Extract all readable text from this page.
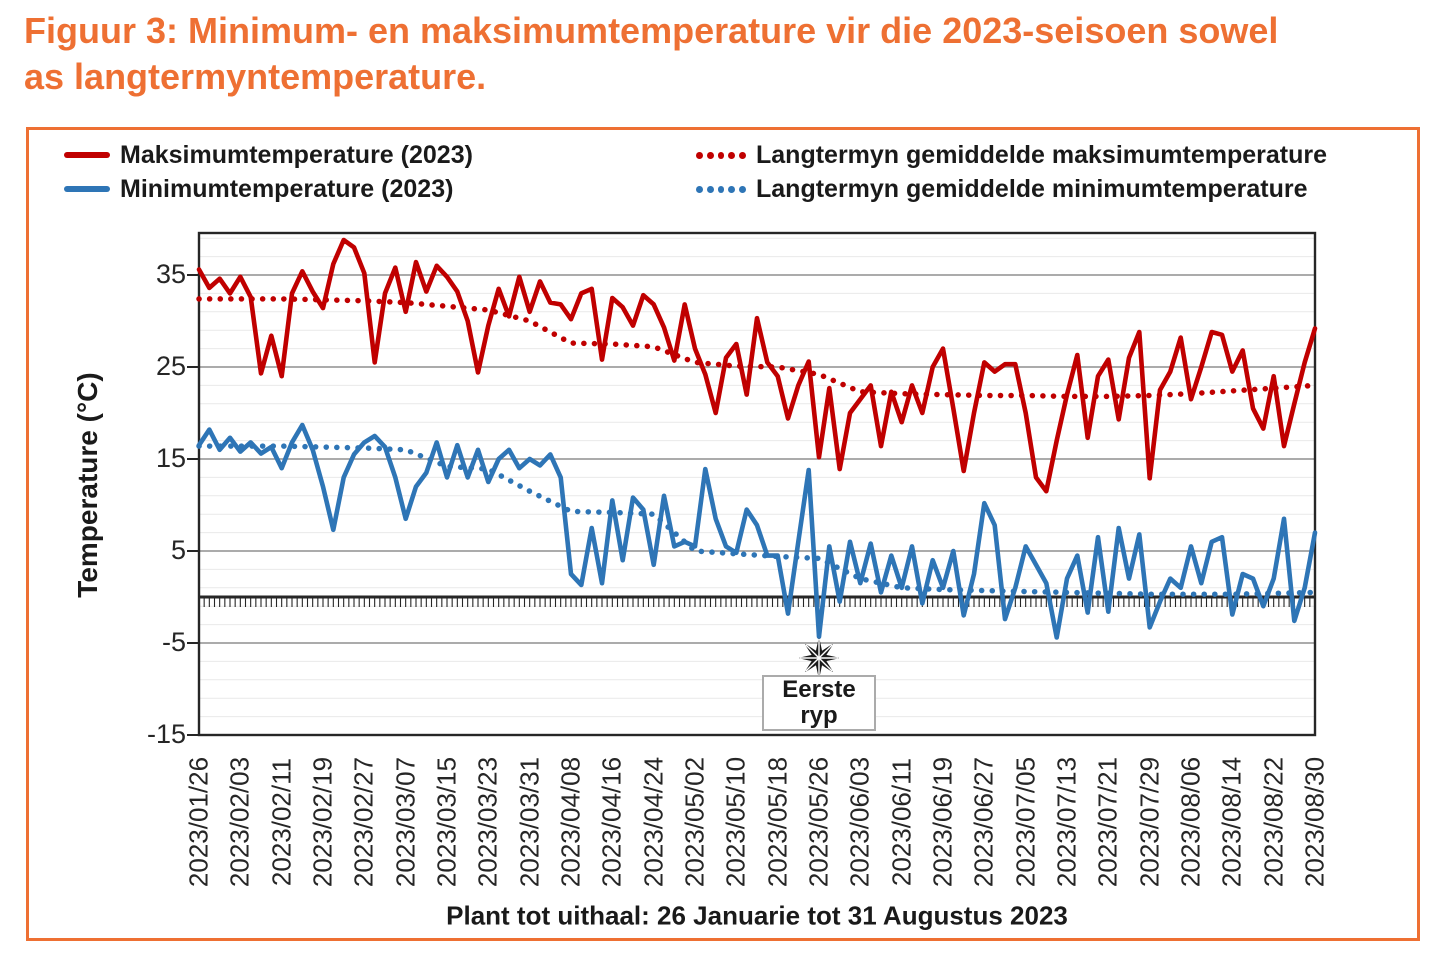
Figuur 3: Minimum- en maksimumtemperature vir die 2023-seisoen sowel
as langtermyntemperature.
Maksimumtemperature (2023)
Minimumtemperature (2023)
Langtermyn gemiddelde maksimumtemperature
Langtermyn gemiddelde minimumtemperature
Temperature (°C)
Plant tot uithaal: 26 Januarie tot 31 Augustus 2023
35
25
15
5
-5
-15
2023/01/26 2023/02/03 2023/02/11 2023/02/19 2023/02/27 2023/03/07 2023/03/15 2023/03/23 2023/03/31 2023/04/08 2023/04/16 2023/04/24 2023/05/02 2023/05/10 2023/05/18 2023/05/26 2023/06/03 2023/06/11 2023/06/19 2023/06/27 2023/07/05 2023/07/13 2023/07/21 2023/07/29 2023/08/06 2023/08/14 2023/08/22 2023/08/30
Eerste
ryp
